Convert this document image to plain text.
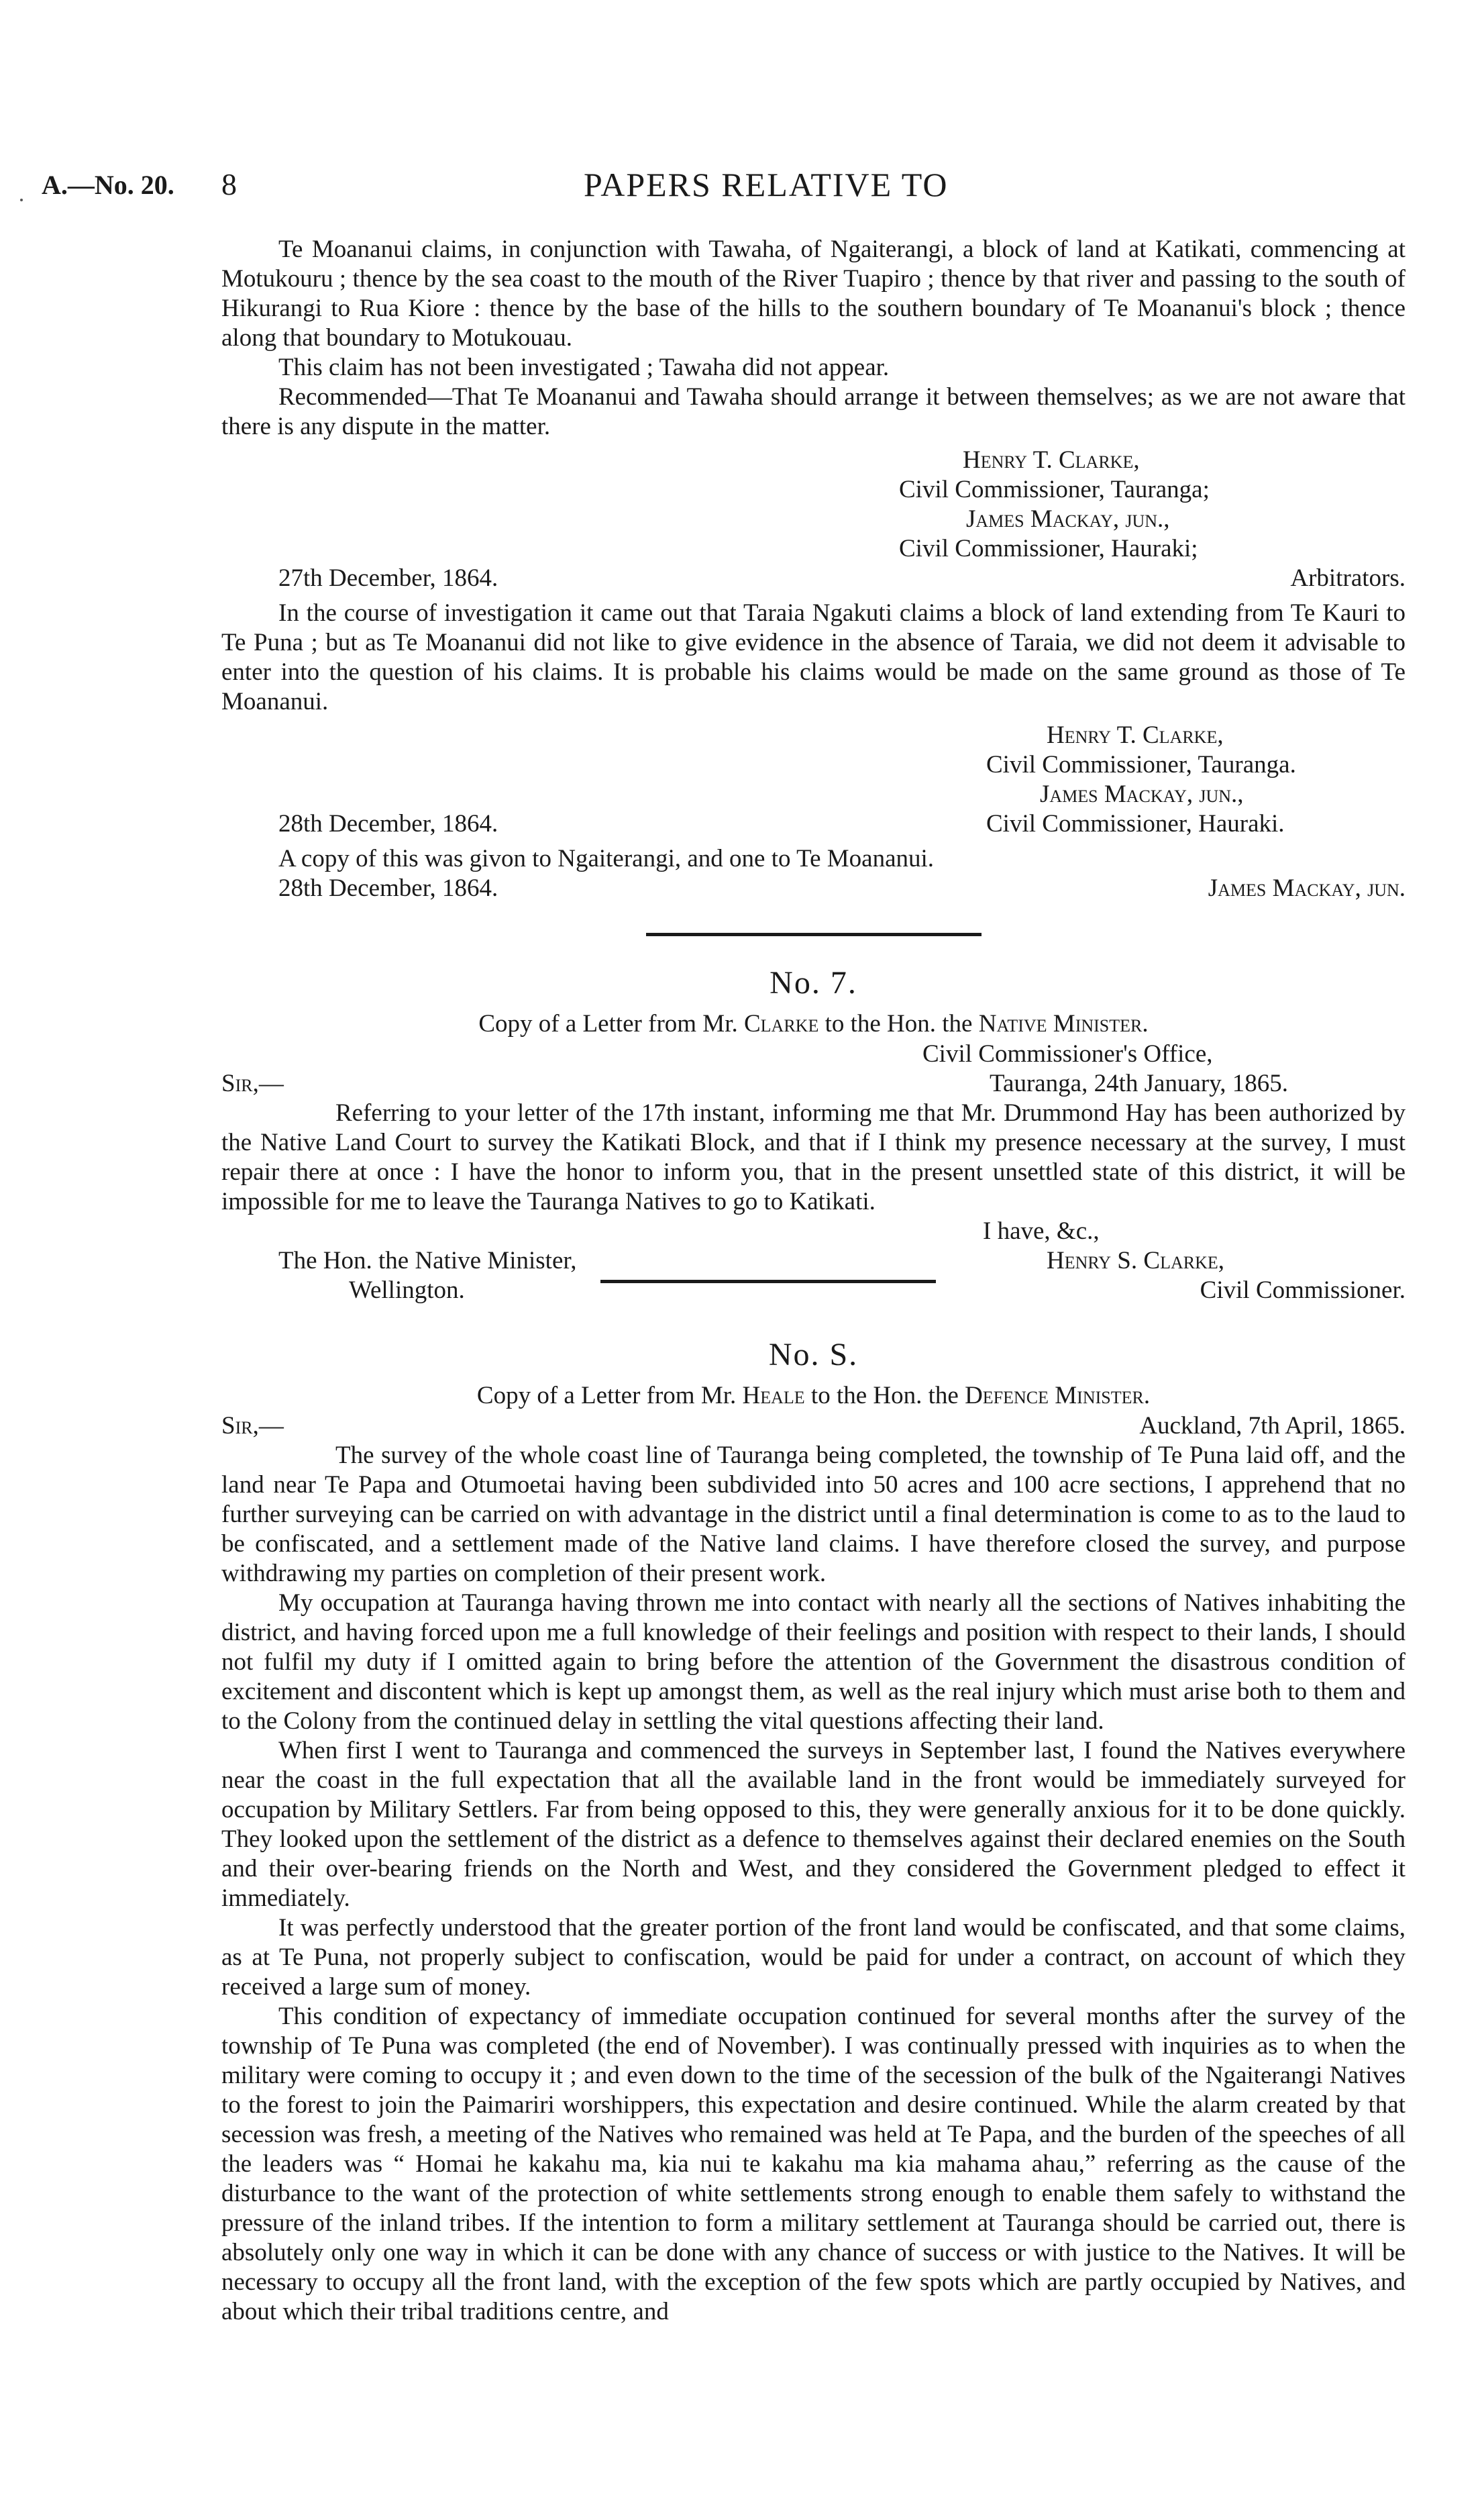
A.—No. 20. 8	PAPERS RELATIVE TO

Te Moananui claims, in conjunction with Tawaha, of Ngaiterangi, a block of land at Katikati, commencing at Motukouru ; thence by the sea coast to the mouth of the River Tuapiro ; thence by that river and passing to the south of Hikurangi to Rua Kiore : thence by the base of the hills to the southern boundary of Te Moananui's block ; thence along that boundary to Motukouau.

This claim has not been investigated ; Tawaha did not appear.

Recommended—That Te Moananui and Tawaha should arrange it between themselves; as we are not aware that there is any dispute in the matter.

Henry T. Clarke,
Civil Commissioner, Tauranga;
James Mackay, jun.,
Civil Commissioner, Hauraki;
27th December, 1864.	Arbitrators.

In the course of investigation it came out that Taraia Ngakuti claims a block of land extending from Te Kauri to Te Puna ; but as Te Moananui did not like to give evidence in the absence of Taraia, we did not deem it advisable to enter into the question of his claims. It is probable his claims would be made on the same ground as those of Te Moananui.

Henry T. Clarke,
Civil Commissioner, Tauranga.
James Mackay, jun.,
28th December, 1864.	Civil Commissioner, Hauraki.

A copy of this was givon to Ngaiterangi, and one to Te Moananui.

28th December, 1864.	James Mackay, jun.
No. 7.
Copy of a Letter from Mr. Clarke to the Hon. the Native Minister.
Civil Commissioner's Office,
Sir,—	Tauranga, 24th January, 1865.

Referring to your letter of the 17th instant, informing me that Mr. Drummond Hay has been authorized by the Native Land Court to survey the Katikati Block, and that if I think my presence necessary at the survey, I must repair there at once : I have the honor to inform you, that in the present unsettled state of this district, it will be impossible for me to leave the Tauranga Natives to go to Katikati.

I have, &c.,
The Hon. the Native Minister,	Henry S. Clarke,
Wellington.	Civil Commissioner.
No. S.
Copy of a Letter from Mr. Heale to the Hon. the Defence Minister.
Sir,—	Auckland, 7th April, 1865.

The survey of the whole coast line of Tauranga being completed, the township of Te Puna laid off, and the land near Te Papa and Otumoetai having been subdivided into 50 acres and 100 acre sections, I apprehend that no further surveying can be carried on with advantage in the district until a final determination is come to as to the laud to be confiscated, and a settlement made of the Native land claims. I have therefore closed the survey, and purpose withdrawing my parties on completion of their present work.

My occupation at Tauranga having thrown me into contact with nearly all the sections of Natives inhabiting the district, and having forced upon me a full knowledge of their feelings and position with respect to their lands, I should not fulfil my duty if I omitted again to bring before the attention of the Government the disastrous condition of excitement and discontent which is kept up amongst them, as well as the real injury which must arise both to them and to the Colony from the continued delay in settling the vital questions affecting their land.

When first I went to Tauranga and commenced the surveys in September last, I found the Natives everywhere near the coast in the full expectation that all the available land in the front would be immediately surveyed for occupation by Military Settlers. Far from being opposed to this, they were generally anxious for it to be done quickly. They looked upon the settlement of the district as a defence to themselves against their declared enemies on the South and their over-bearing friends on the North and West, and they considered the Government pledged to effect it immediately.

It was perfectly understood that the greater portion of the front land would be confiscated, and that some claims, as at Te Puna, not properly subject to confiscation, would be paid for under a contract, on account of which they received a large sum of money.

This condition of expectancy of immediate occupation continued for several months after the survey of the township of Te Puna was completed (the end of November). I was continually pressed with inquiries as to when the military were coming to occupy it ; and even down to the time of the secession of the bulk of the Ngaiterangi Natives to the forest to join the Paimariri worshippers, this expectation and desire continued. While the alarm created by that secession was fresh, a meeting of the Natives who remained was held at Te Papa, and the burden of the speeches of all the leaders was “ Homai he kakahu ma, kia nui te kakahu ma kia mahama ahau,” referring as the cause of the disturbance to the want of the protection of white settlements strong enough to enable them safely to withstand the pressure of the inland tribes. If the intention to form a military settlement at Tauranga should be carried out, there is absolutely only one way in which it can be done with any chance of success or with justice to the Natives. It will be necessary to occupy all the front land, with the exception of the few spots which are partly occupied by Natives, and about which their tribal traditions centre, and
